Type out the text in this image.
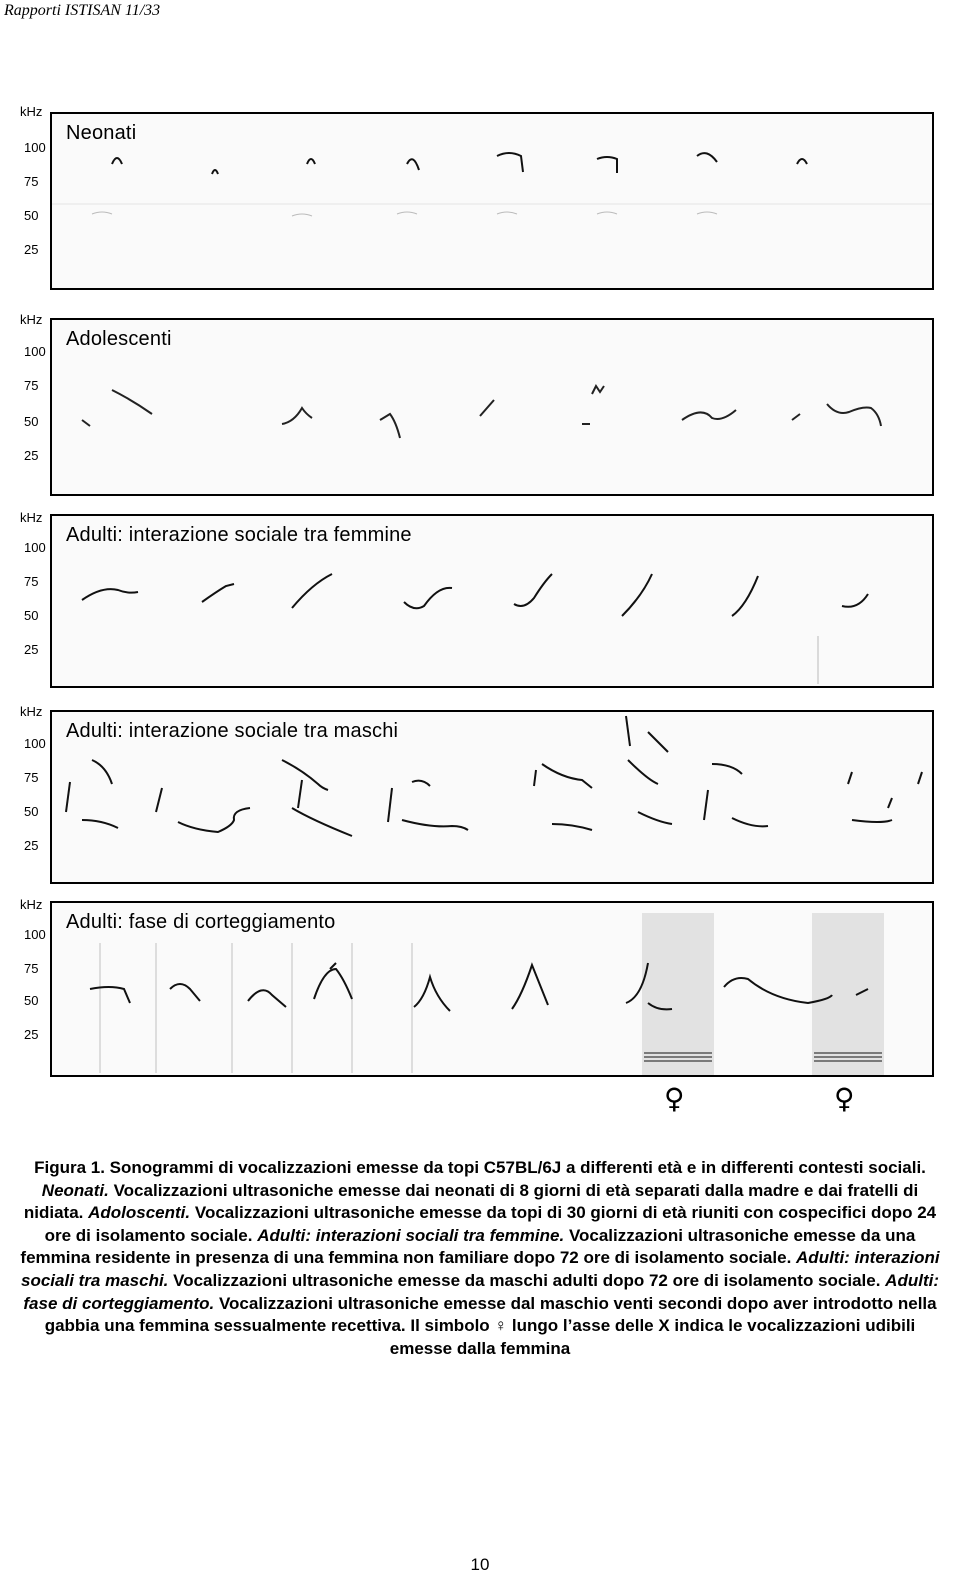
Rapporti ISTISAN 11/33
kHz
100
75
50
25
Neonati
kHz
100
75
50
25
Adolescenti
kHz
100
75
50
25
Adulti: interazione sociale tra femmine
kHz
100
75
50
25
Adulti: interazione sociale tra maschi
kHz
100
75
50
25
Adulti: fase di corteggiamento
♀	♀
Figura 1. Sonogrammi di vocalizzazioni emesse da topi C57BL/6J a differenti età e in differenti contesti sociali. Neonati. Vocalizzazioni ultrasoniche emesse dai neonati di 8 giorni di età separati dalla madre e dai fratelli di nidiata. Adoloscenti. Vocalizzazioni ultrasoniche emesse da topi di 30 giorni di età riuniti con cospecifici dopo 24 ore di isolamento sociale. Adulti: interazioni sociali tra femmine. Vocalizzazioni ultrasoniche emesse da una femmina residente in presenza di una femmina non familiare dopo 72 ore di isolamento sociale. Adulti: interazioni sociali tra maschi. Vocalizzazioni ultrasoniche emesse da maschi adulti dopo 72 ore di isolamento sociale. Adulti: fase di corteggiamento. Vocalizzazioni ultrasoniche emesse dal maschio venti secondi dopo aver introdotto nella gabbia una femmina sessualmente recettiva. Il simbolo ♀ lungo l’asse delle X indica le vocalizzazioni udibili emesse dalla femmina
10
